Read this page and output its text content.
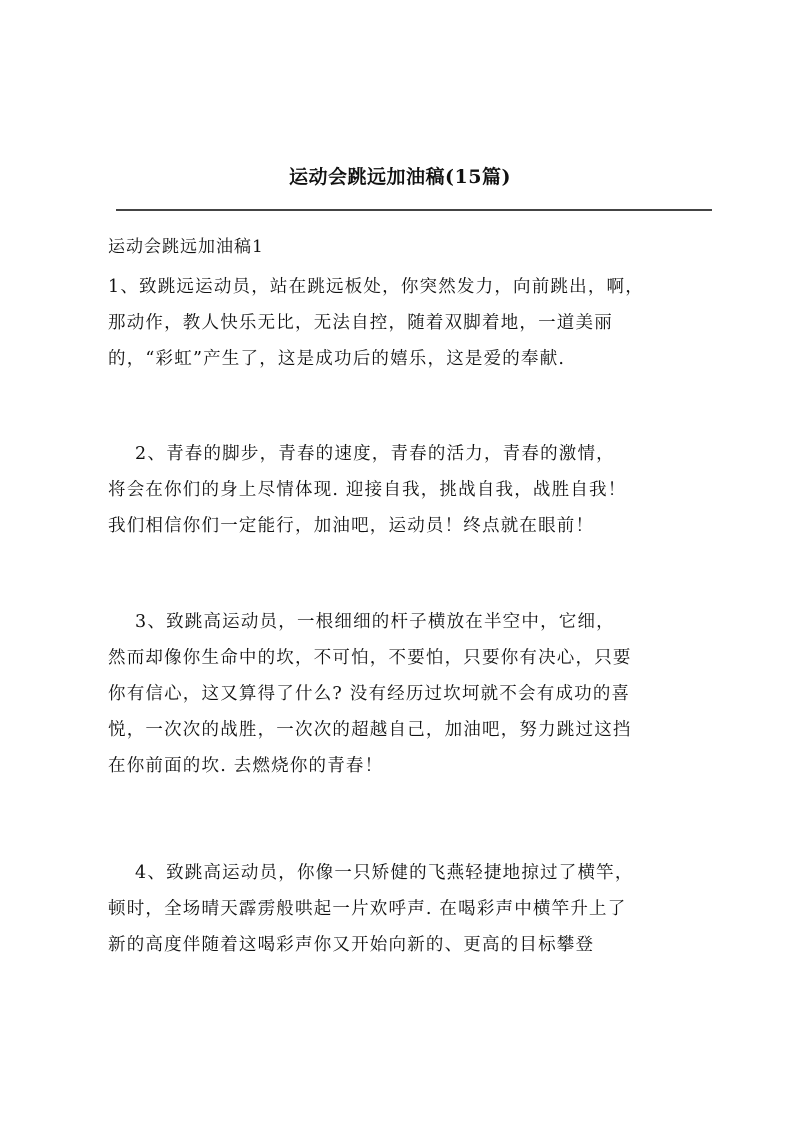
运动会跳远加油稿(15篇)
运动会跳远加油稿1
1、致跳远运动员，站在跳远板处，你突然发力，向前跳出，啊，
那动作，教人快乐无比，无法自控，随着双脚着地，一道美丽
的，“彩虹”产生了，这是成功后的嬉乐，这是爱的奉献.
2、青春的脚步，青春的速度，青春的活力，青春的激情，
将会在你们的身上尽情体现. 迎接自我，挑战自我，战胜自我！
我们相信你们一定能行，加油吧，运动员！终点就在眼前！
3、致跳高运动员，一根细细的杆子横放在半空中，它细，
然而却像你生命中的坎，不可怕，不要怕，只要你有决心，只要
你有信心，这又算得了什么? 没有经历过坎坷就不会有成功的喜
悦，一次次的战胜，一次次的超越自己，加油吧，努力跳过这挡
在你前面的坎. 去燃烧你的青春！
4、致跳高运动员，你像一只矫健的飞燕轻捷地掠过了横竿，
顿时，全场晴天霹雳般哄起一片欢呼声. 在喝彩声中横竿升上了
新的高度伴随着这喝彩声你又开始向新的、更高的目标攀登
